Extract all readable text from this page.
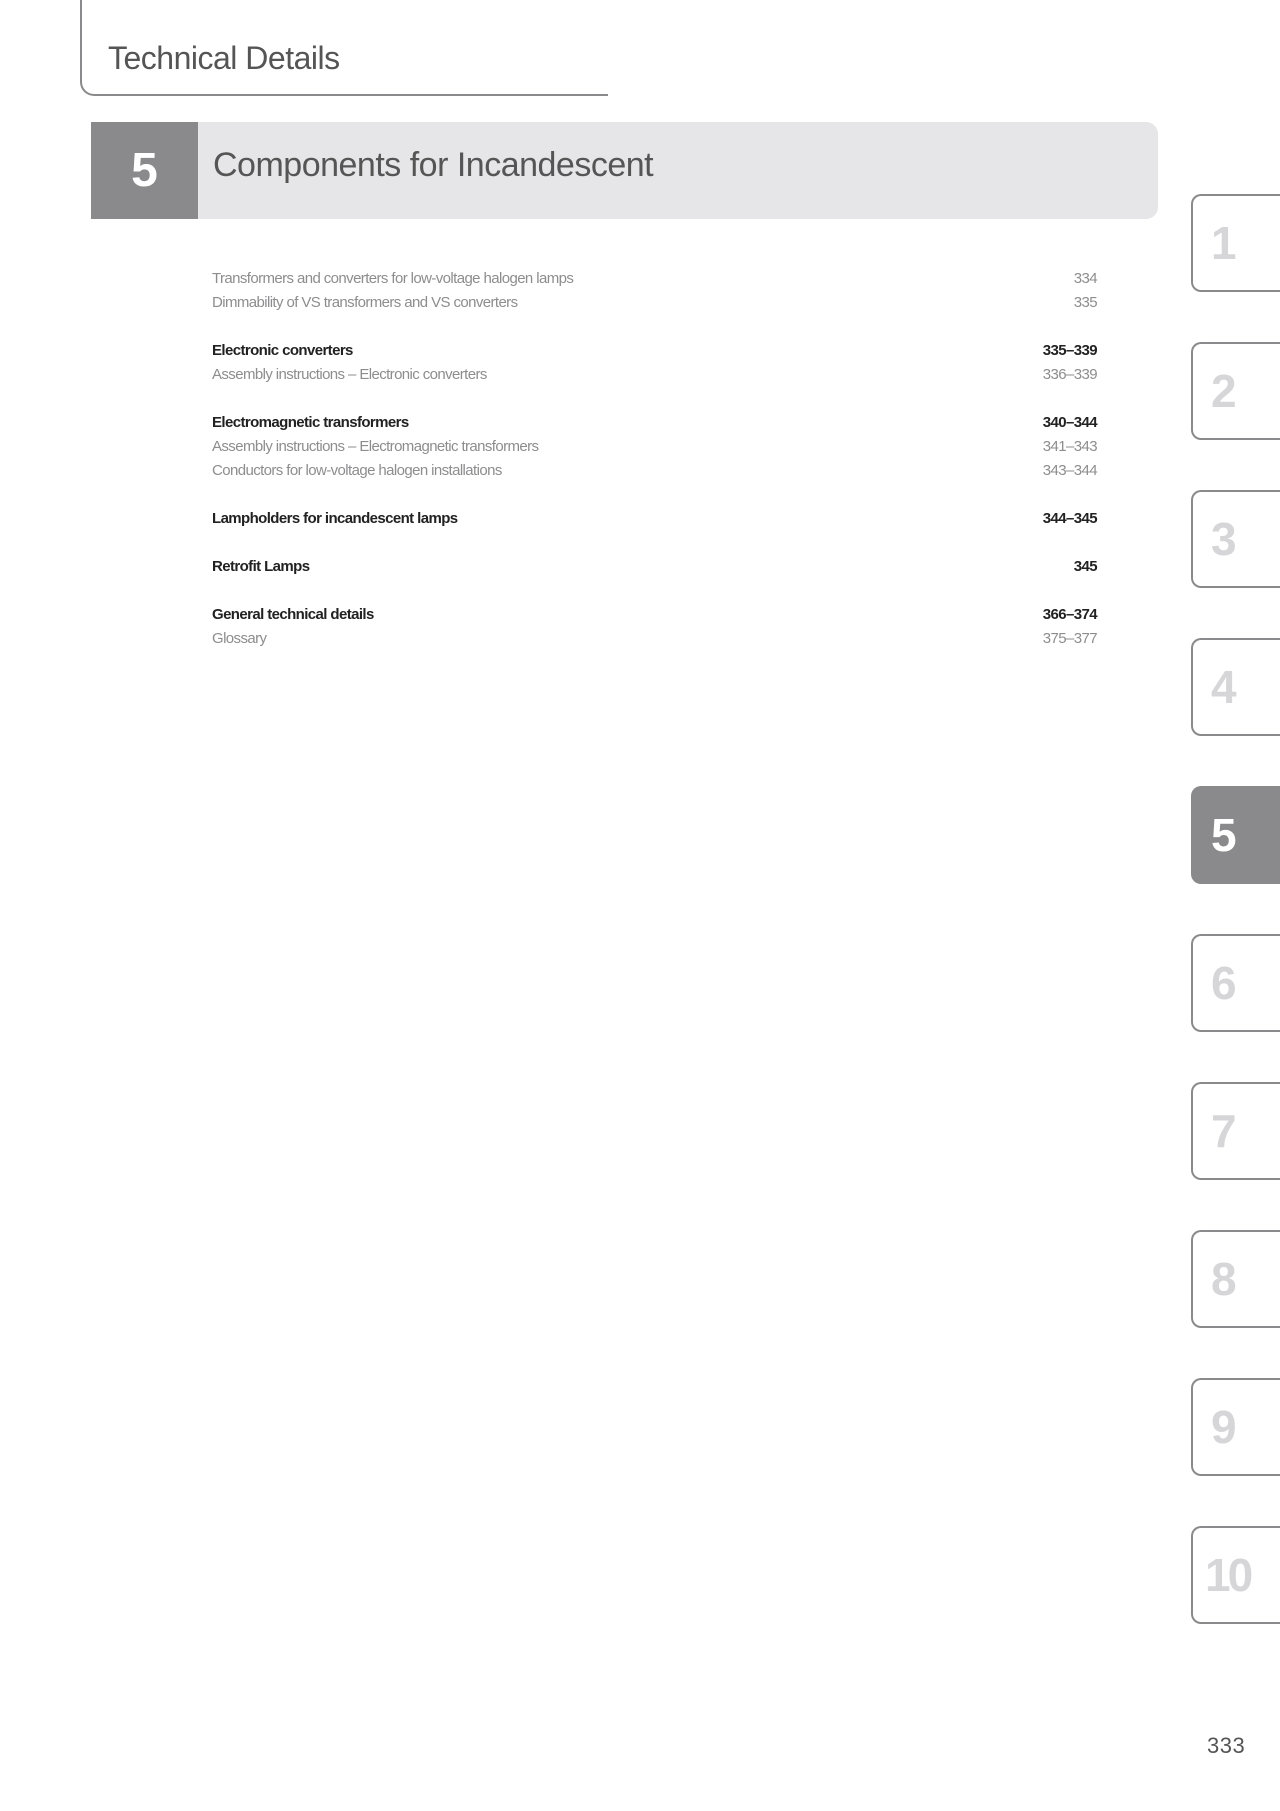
Technical Details
5	Components for Incandescent
Transformers and converters for low-voltage halogen lamps	334
Dimmability of VS transformers and VS converters	335
Electronic converters	335–339
Assembly instructions – Electronic converters	336–339
Electromagnetic transformers	340–344
Assembly instructions – Electromagnetic transformers	341–343
Conductors for low-voltage halogen installations	343–344
Lampholders for incandescent lamps	344–345
Retrofit Lamps	345
General technical details	366–374
Glossary	375–377
1
2
3
4
5
6
7
8
9
10
333
